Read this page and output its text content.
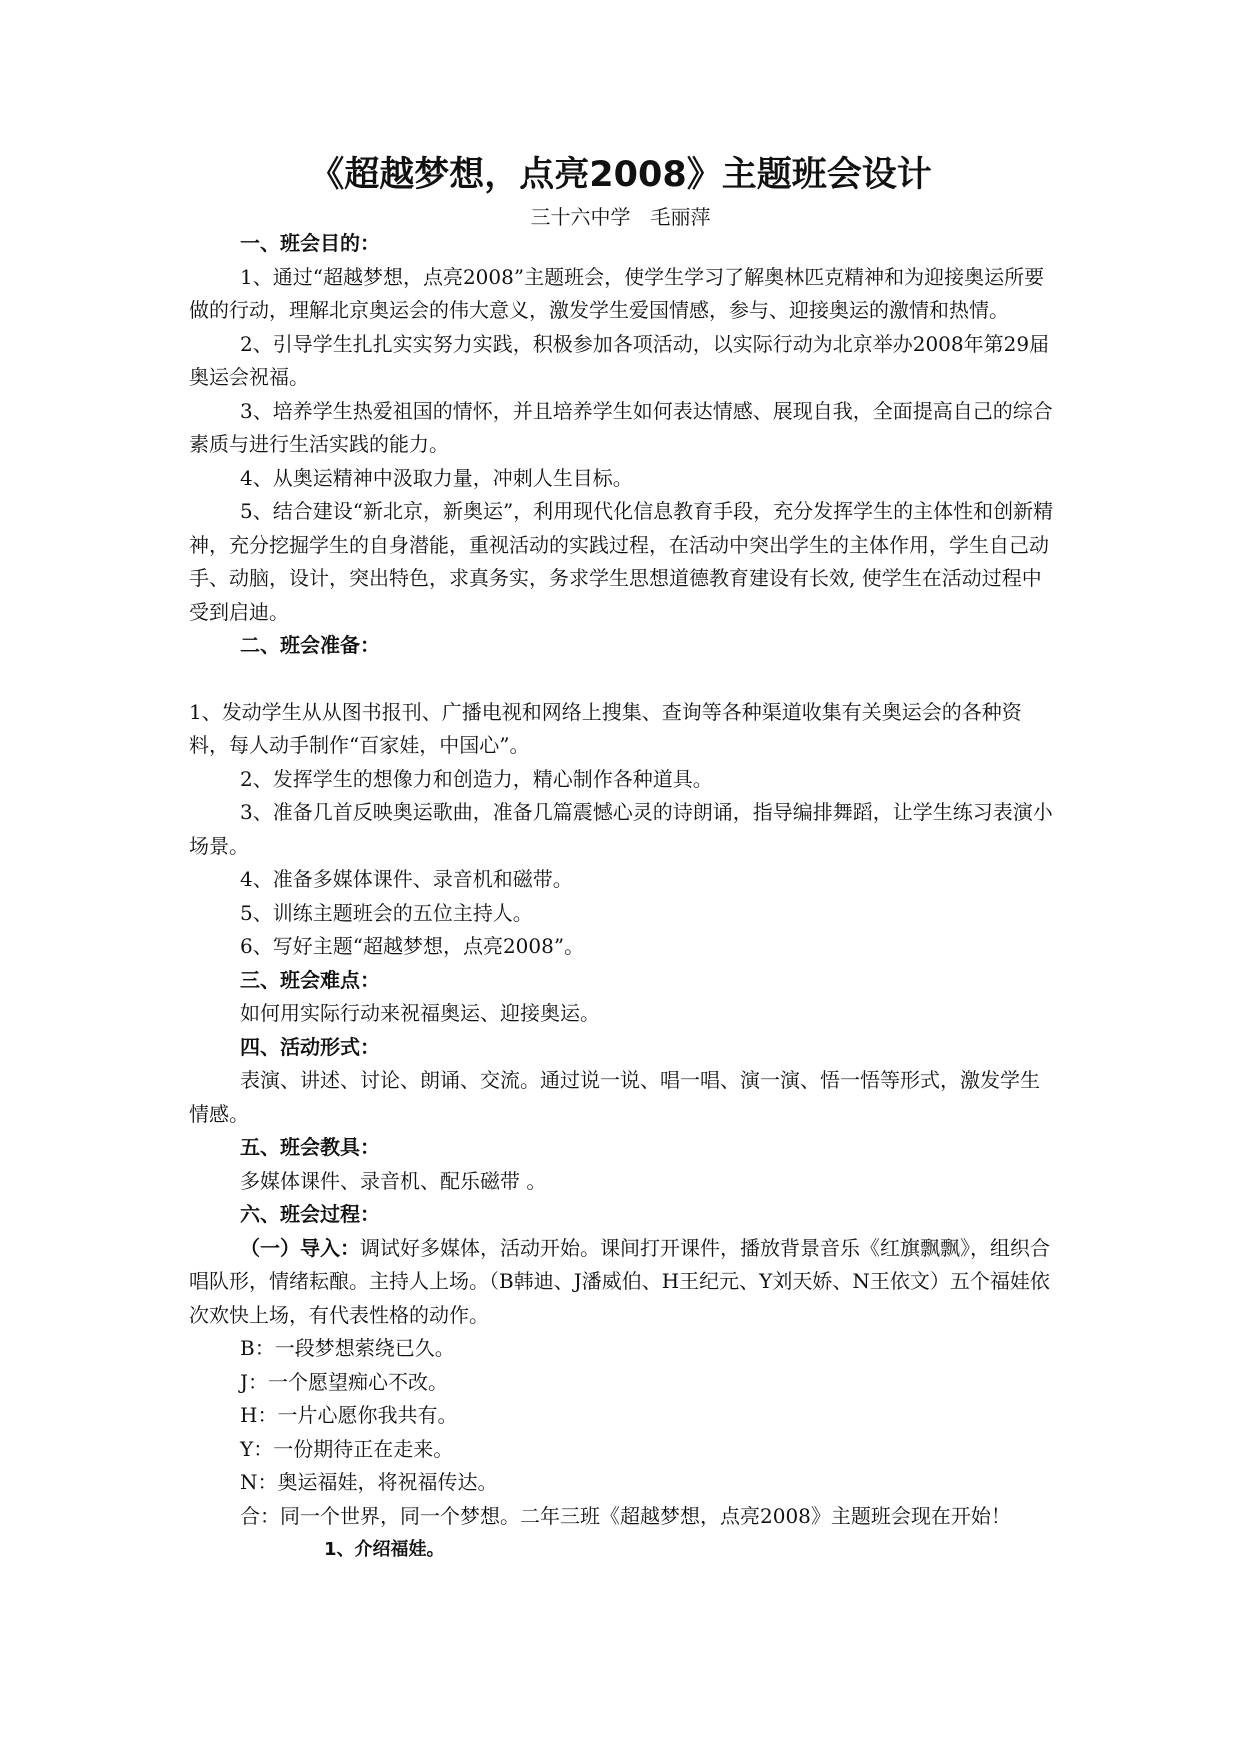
《超越梦想，点亮2008》主题班会设计
三十六中学　毛丽萍

一、班会目的：

1、通过“超越梦想，点亮2008”主题班会，使学生学习了解奥林匹克精神和为迎接奥运所要做的行动，理解北京奥运会的伟大意义，激发学生爱国情感，参与、迎接奥运的激情和热情。

2、引导学生扎扎实实努力实践，积极参加各项活动，以实际行动为北京举办2008年第29届奥运会祝福。

3、培养学生热爱祖国的情怀，并且培养学生如何表达情感、展现自我，全面提高自己的综合素质与进行生活实践的能力。

4、从奥运精神中汲取力量，冲刺人生目标。

5、结合建设“新北京，新奥运”，利用现代化信息教育手段，充分发挥学生的主体性和创新精神，充分挖掘学生的自身潜能，重视活动的实践过程，在活动中突出学生的主体作用，学生自己动手、动脑，设计，突出特色，求真务实，务求学生思想道德教育建设有长效, 使学生在活动过程中受到启迪。

二、班会准备：

1、发动学生从从图书报刊、广播电视和网络上搜集、查询等各种渠道收集有关奥运会的各种资料，每人动手制作“百家娃，中国心”。

2、发挥学生的想像力和创造力，精心制作各种道具。

3、准备几首反映奥运歌曲，准备几篇震憾心灵的诗朗诵，指导编排舞蹈，让学生练习表演小场景。

4、准备多媒体课件、录音机和磁带。

5、训练主题班会的五位主持人。

6、写好主题“超越梦想，点亮2008”。

三、班会难点：

如何用实际行动来祝福奥运、迎接奥运。

四、活动形式：

表演、讲述、讨论、朗诵、交流。通过说一说、唱一唱、演一演、悟一悟等形式，激发学生情感。

五、班会教具：

多媒体课件、录音机、配乐磁带 。

六、班会过程：

（一）导入：调试好多媒体，活动开始。课间打开课件，播放背景音乐《红旗飘飘》，组织合唱队形，情绪耘酿。主持人上场。（B韩迪、J潘威伯、H王纪元、Y刘天娇、N王依文）五个福娃依次欢快上场，有代表性格的动作。

B：一段梦想萦绕已久。

J：一个愿望痴心不改。

H：一片心愿你我共有。

Y：一份期待正在走来。

N：奥运福娃，将祝福传达。

合：同一个世界，同一个梦想。二年三班《超越梦想，点亮2008》主题班会现在开始！

1、介绍福娃。
